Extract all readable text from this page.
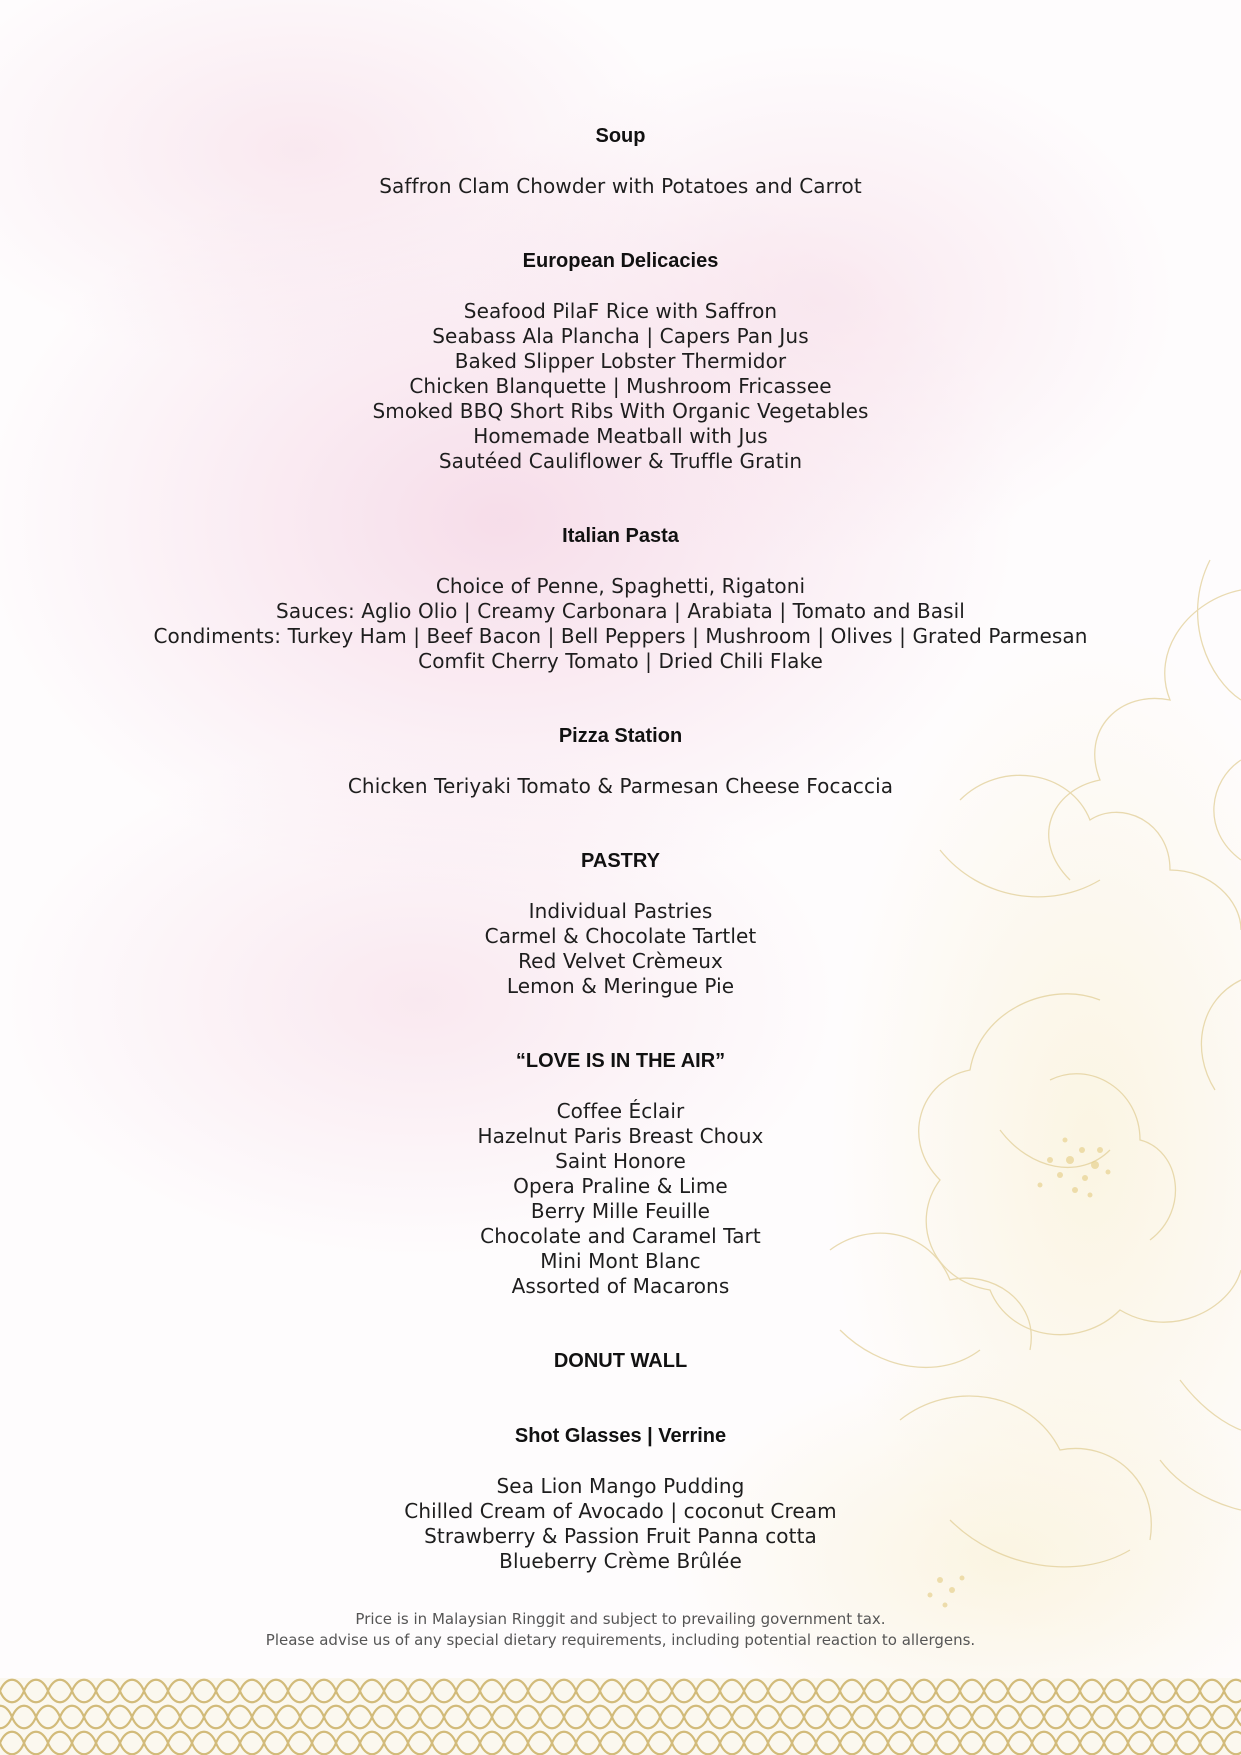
Soup
Saffron Clam Chowder with Potatoes and Carrot
European Delicacies
Seafood PilaF Rice with Saffron
Seabass Ala Plancha | Capers Pan Jus
Baked Slipper Lobster Thermidor
Chicken Blanquette | Mushroom Fricassee
Smoked BBQ Short Ribs With Organic Vegetables
Homemade Meatball with Jus
Sautéed Cauliflower & Truffle Gratin
Italian Pasta
Choice of Penne, Spaghetti, Rigatoni
Sauces: Aglio Olio | Creamy Carbonara | Arabiata | Tomato and Basil
Condiments: Turkey Ham | Beef Bacon | Bell Peppers | Mushroom | Olives | Grated Parmesan
Comfit Cherry Tomato | Dried Chili Flake
Pizza Station
Chicken Teriyaki Tomato & Parmesan Cheese Focaccia
PASTRY
Individual Pastries
Carmel & Chocolate Tartlet
Red Velvet Crèmeux
Lemon & Meringue Pie
“LOVE IS IN THE AIR”
Coffee Éclair
Hazelnut Paris Breast Choux
Saint Honore
Opera Praline & Lime
Berry Mille Feuille
Chocolate and Caramel Tart
Mini Mont Blanc
Assorted of Macarons
DONUT WALL
Shot Glasses | Verrine
Sea Lion Mango Pudding
Chilled Cream of Avocado | coconut Cream
Strawberry & Passion Fruit Panna cotta
Blueberry Crème Brûlée
Price is in Malaysian Ringgit and subject to prevailing government tax.
Please advise us of any special dietary requirements, including potential reaction to allergens.
